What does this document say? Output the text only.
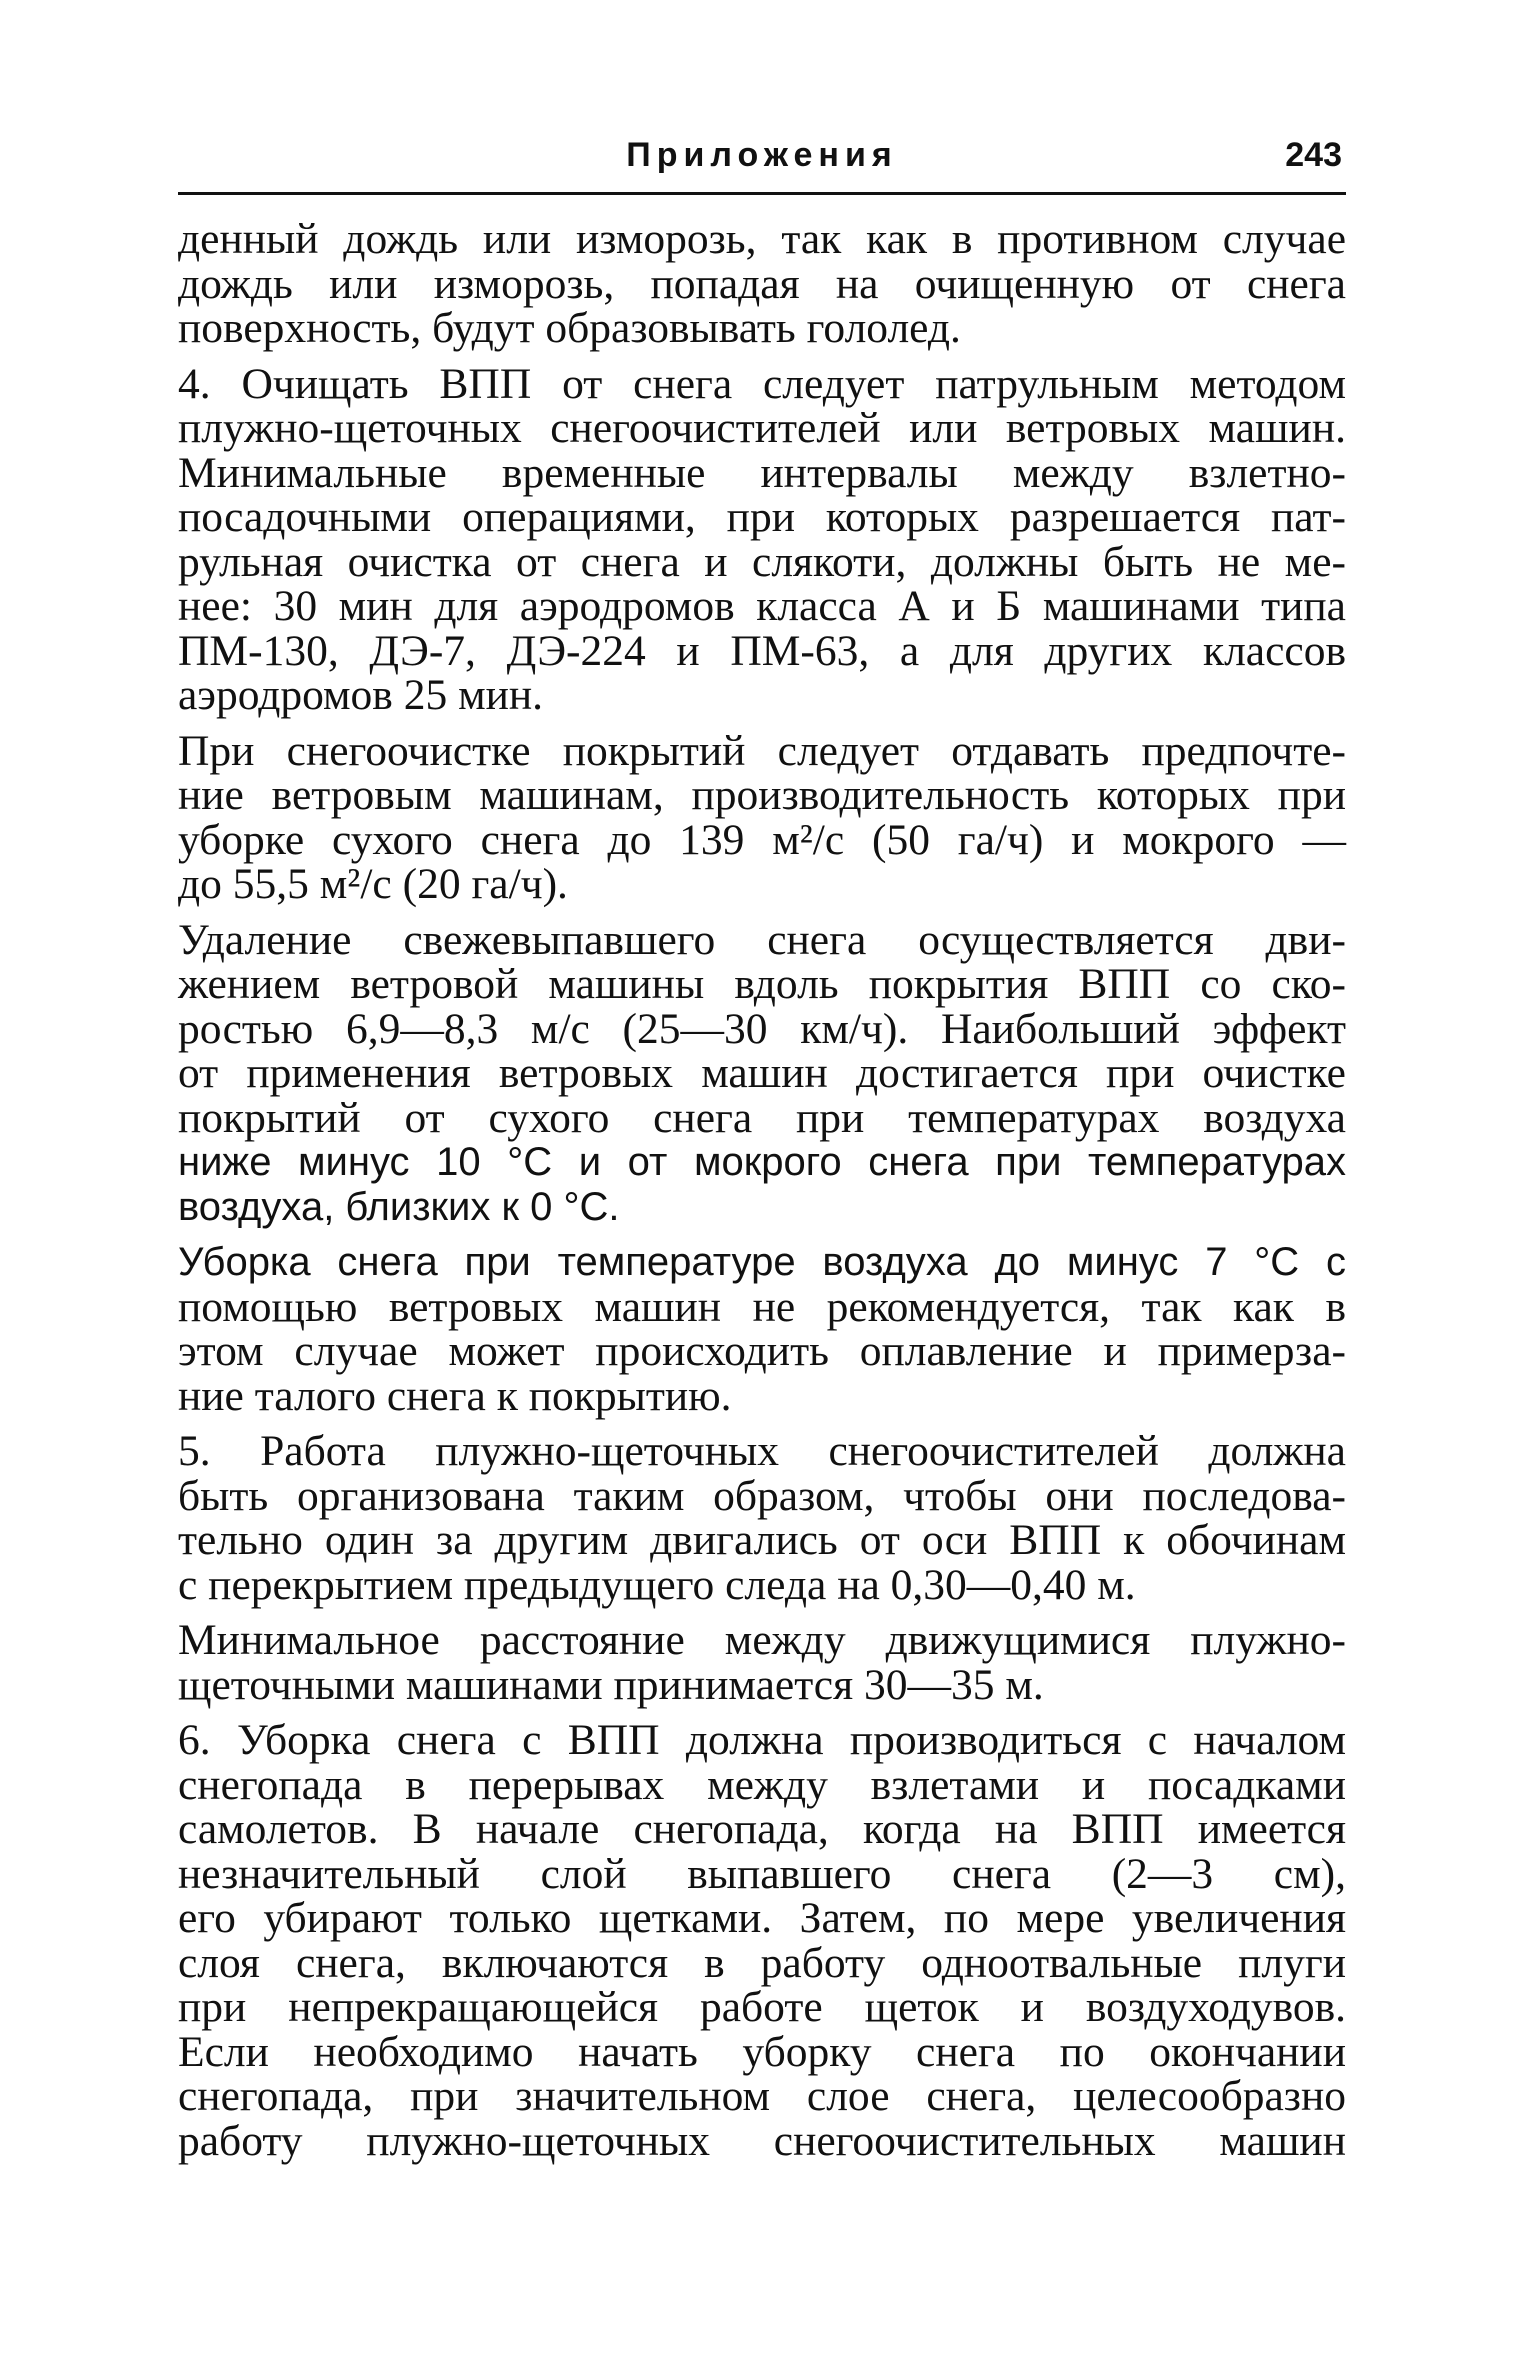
Приложения	243
денный дождь или изморозь, так как в противном случае
дождь или изморозь, попадая на очищенную от снега
поверхность, будут образовывать гололед.
4. Очищать ВПП от снега следует патрульным методом
плужно-щеточных снегоочистителей или ветровых машин.
Минимальные временные интервалы между взлетно-
посадочными операциями, при которых разрешается пат-
рульная очистка от снега и слякоти, должны быть не ме-
нее: 30 мин для аэродромов класса А и Б машинами типа
ПМ-130, ДЭ-7, ДЭ-224 и ПМ-63, а для других классов
аэродромов 25 мин.
При снегоочистке покрытий следует отдавать предпочте-
ние ветровым машинам, производительность которых при
уборке сухого снега до 139 м²/с (50 га/ч) и мокрого —
до 55,5 м²/с (20 га/ч).
Удаление свежевыпавшего снега осуществляется дви-
жением ветровой машины вдоль покрытия ВПП со ско-
ростью 6,9—8,3 м/с (25—30 км/ч). Наибольший эффект
от применения ветровых машин достигается при очистке
покрытий от сухого снега при температурах воздуха
ниже минус 10 °С и от мокрого снега при температурах
воздуха, близких к 0 °С.
Уборка снега при температуре воздуха до минус 7 °С с
помощью ветровых машин не рекомендуется, так как в
этом случае может происходить оплавление и примерза-
ние талого снега к покрытию.
5. Работа плужно-щеточных снегоочистителей должна
быть организована таким образом, чтобы они последова-
тельно один за другим двигались от оси ВПП к обочинам
с перекрытием предыдущего следа на 0,30—0,40 м.
Минимальное расстояние между движущимися плужно-
щеточными машинами принимается 30—35 м.
6. Уборка снега с ВПП должна производиться с началом
снегопада в перерывах между взлетами и посадками
самолетов. В начале снегопада, когда на ВПП имеется
незначительный слой выпавшего снега (2—3 см),
его убирают только щетками. Затем, по мере увеличения
слоя снега, включаются в работу одноотвальные плуги
при непрекращающейся работе щеток и воздуходувов.
Если необходимо начать уборку снега по окончании
снегопада, при значительном слое снега, целесообразно
работу плужно-щеточных снегоочистительных машин
